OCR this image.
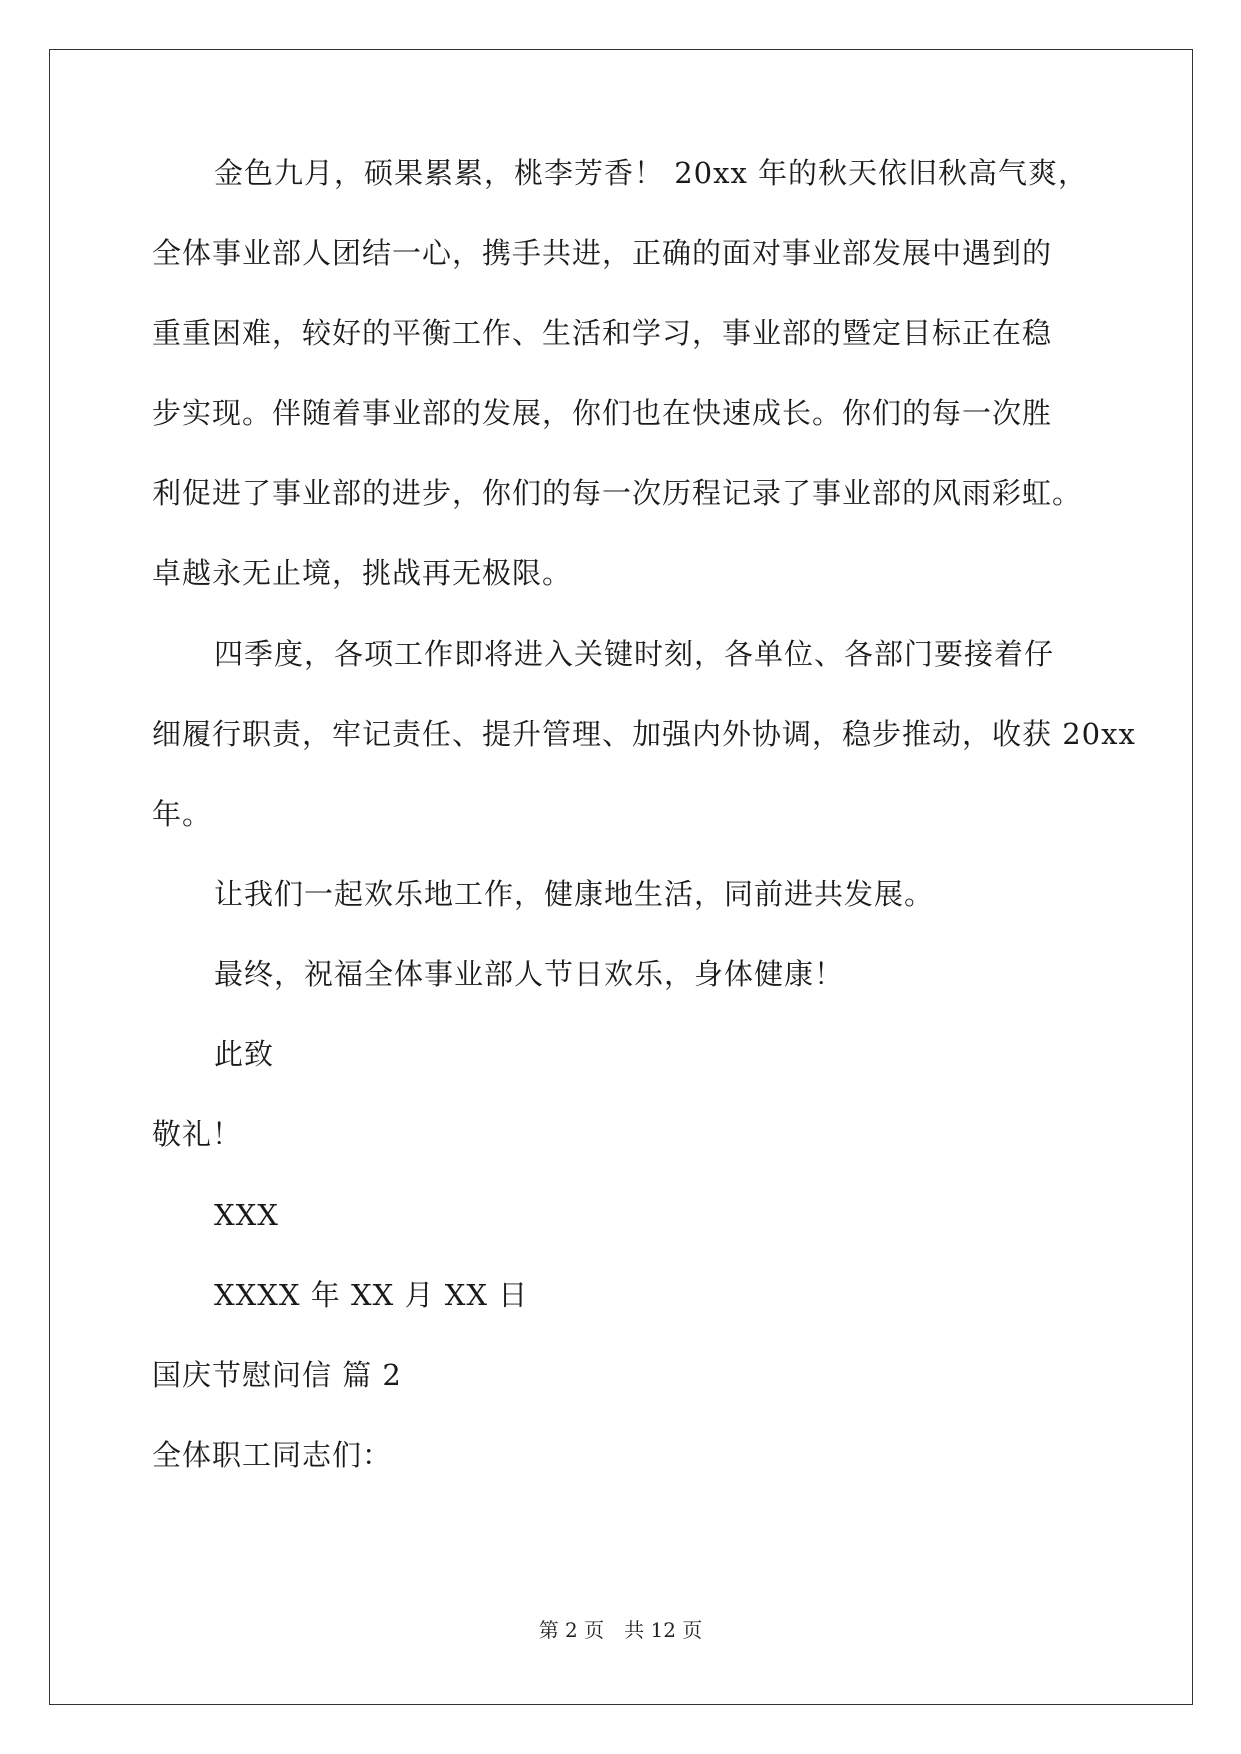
金色九月，硕果累累，桃李芳香！ 20xx 年的秋天依旧秋高气爽，
全体事业部人团结一心，携手共进，正确的面对事业部发展中遇到的
重重困难，较好的平衡工作、生活和学习，事业部的暨定目标正在稳
步实现。伴随着事业部的发展，你们也在快速成长。你们的每一次胜
利促进了事业部的进步，你们的每一次历程记录了事业部的风雨彩虹。
卓越永无止境，挑战再无极限。
四季度，各项工作即将进入关键时刻，各单位、各部门要接着仔
细履行职责，牢记责任、提升管理、加强内外协调，稳步推动，收获 20xx
年。
让我们一起欢乐地工作，健康地生活，同前进共发展。
最终，祝福全体事业部人节日欢乐，身体健康！
此致
敬礼！
XXX
XXXX 年 XX 月 XX 日
国庆节慰问信 篇 2
全体职工同志们：
第 2 页 共 12 页
